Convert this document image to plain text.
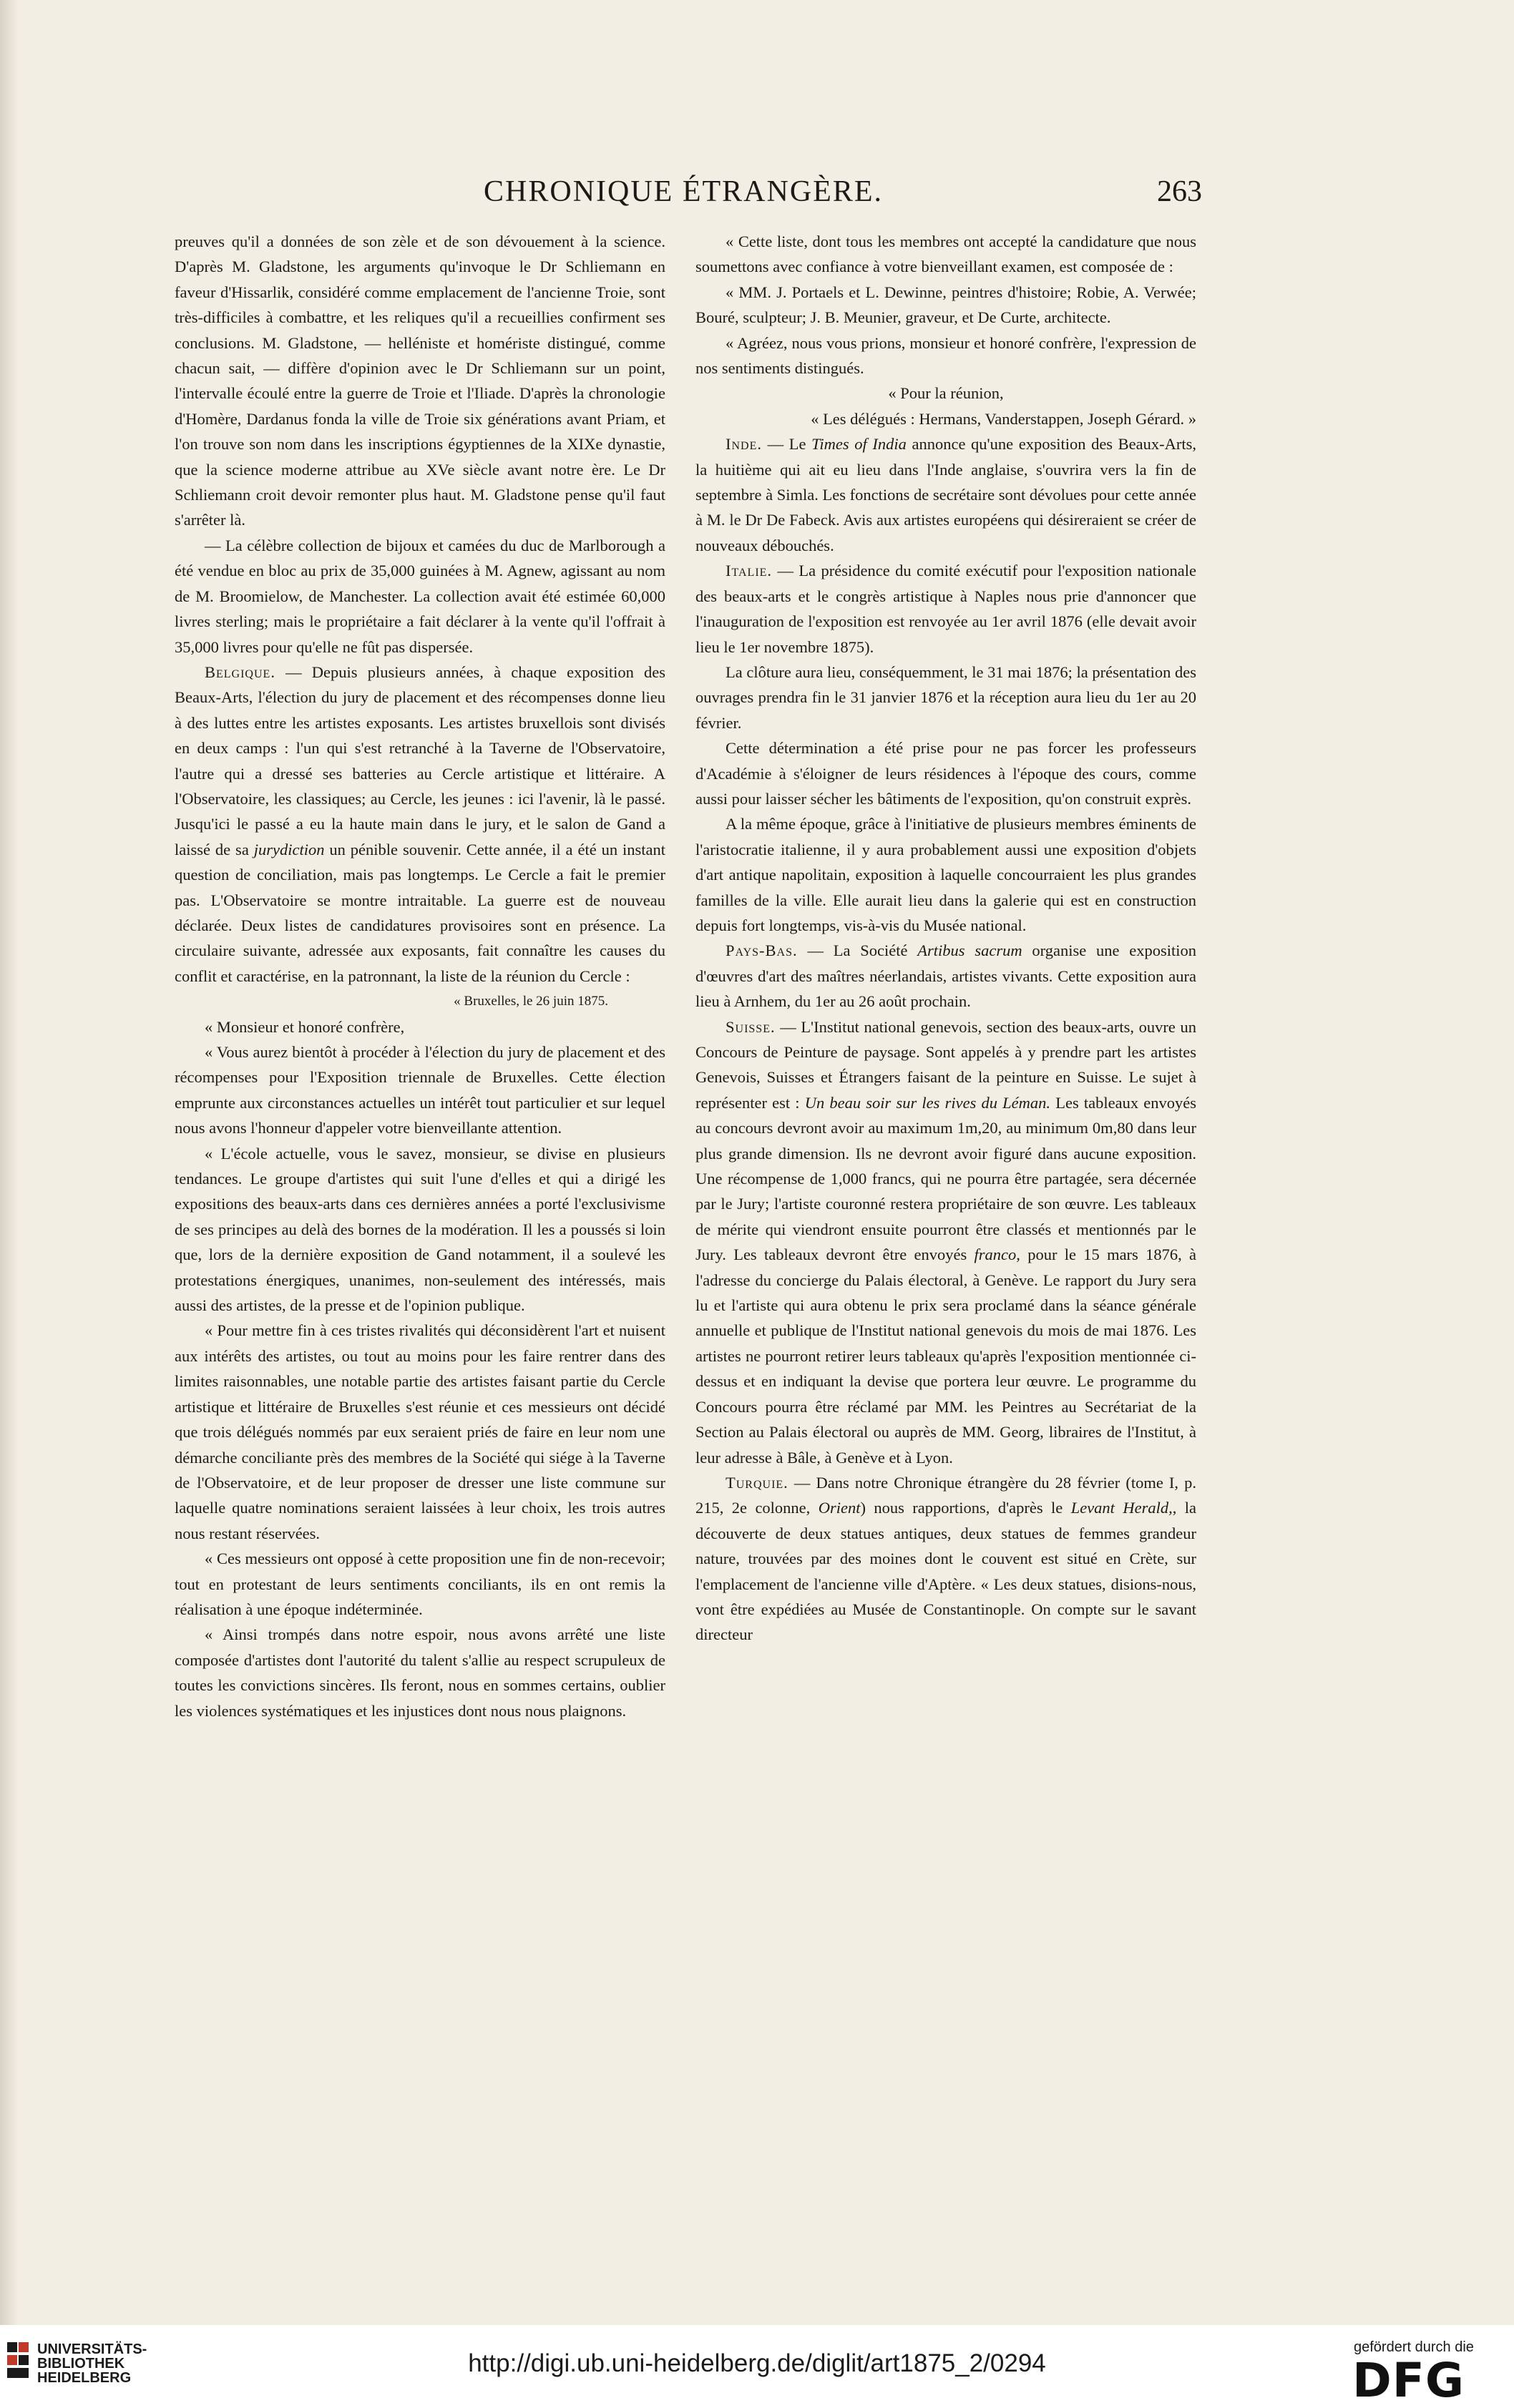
CHRONIQUE ÉTRANGÈRE.	263

preuves qu'il a données de son zèle et de son dévouement à la science. D'après M. Gladstone, les arguments qu'invoque le Dr Schliemann en faveur d'Hissarlik, considéré comme emplacement de l'ancienne Troie, sont très-difficiles à combattre, et les reliques qu'il a recueillies confirment ses conclusions. M. Gladstone, — helléniste et homériste distingué, comme chacun sait, — diffère d'opinion avec le Dr Schliemann sur un point, l'intervalle écoulé entre la guerre de Troie et l'Iliade. D'après la chronologie d'Homère, Dardanus fonda la ville de Troie six générations avant Priam, et l'on trouve son nom dans les inscriptions égyptiennes de la XIXe dynastie, que la science moderne attribue au XVe siècle avant notre ère. Le Dr Schliemann croit devoir remonter plus haut. M. Gladstone pense qu'il faut s'arrêter là.

— La célèbre collection de bijoux et camées du duc de Marlborough a été vendue en bloc au prix de 35,000 guinées à M. Agnew, agissant au nom de M. Broomielow, de Manchester. La collection avait été estimée 60,000 livres sterling; mais le propriétaire a fait déclarer à la vente qu'il l'offrait à 35,000 livres pour qu'elle ne fût pas dispersée.

Belgique. — Depuis plusieurs années, à chaque exposition des Beaux-Arts, l'élection du jury de placement et des récompenses donne lieu à des luttes entre les artistes exposants. Les artistes bruxellois sont divisés en deux camps : l'un qui s'est retranché à la Taverne de l'Observatoire, l'autre qui a dressé ses batteries au Cercle artistique et littéraire. A l'Observatoire, les classiques; au Cercle, les jeunes : ici l'avenir, là le passé. Jusqu'ici le passé a eu la haute main dans le jury, et le salon de Gand a laissé de sa jurydiction un pénible souvenir. Cette année, il a été un instant question de conciliation, mais pas longtemps. Le Cercle a fait le premier pas. L'Observatoire se montre intraitable. La guerre est de nouveau déclarée. Deux listes de candidatures provisoires sont en présence. La circulaire suivante, adressée aux exposants, fait connaître les causes du conflit et caractérise, en la patronnant, la liste de la réunion du Cercle :

« Bruxelles, le 26 juin 1875.

« Monsieur et honoré confrère,

« Vous aurez bientôt à procéder à l'élection du jury de placement et des récompenses pour l'Exposition triennale de Bruxelles. Cette élection emprunte aux circonstances actuelles un intérêt tout particulier et sur lequel nous avons l'honneur d'appeler votre bienveillante attention.

« L'école actuelle, vous le savez, monsieur, se divise en plusieurs tendances. Le groupe d'artistes qui suit l'une d'elles et qui a dirigé les expositions des beaux-arts dans ces dernières années a porté l'exclusivisme de ses principes au delà des bornes de la modération. Il les a poussés si loin que, lors de la dernière exposition de Gand notamment, il a soulevé les protestations énergiques, unanimes, non-seulement des intéressés, mais aussi des artistes, de la presse et de l'opinion publique.

« Pour mettre fin à ces tristes rivalités qui déconsidèrent l'art et nuisent aux intérêts des artistes, ou tout au moins pour les faire rentrer dans des limites raisonnables, une notable partie des artistes faisant partie du Cercle artistique et littéraire de Bruxelles s'est réunie et ces messieurs ont décidé que trois délégués nommés par eux seraient priés de faire en leur nom une démarche conciliante près des membres de la Société qui siége à la Taverne de l'Observatoire, et de leur proposer de dresser une liste commune sur laquelle quatre nominations seraient laissées à leur choix, les trois autres nous restant réservées.

« Ces messieurs ont opposé à cette proposition une fin de non-recevoir; tout en protestant de leurs sentiments conciliants, ils en ont remis la réalisation à une époque indéterminée.

« Ainsi trompés dans notre espoir, nous avons arrêté une liste composée d'artistes dont l'autorité du talent s'allie au respect scrupuleux de toutes les convictions sincères. Ils feront, nous en sommes certains, oublier les violences systématiques et les injustices dont nous nous plaignons.

« Cette liste, dont tous les membres ont accepté la candidature que nous soumettons avec confiance à votre bienveillant examen, est composée de :

« MM. J. Portaels et L. Dewinne, peintres d'histoire; Robie, A. Verwée; Bouré, sculpteur; J. B. Meunier, graveur, et De Curte, architecte.

« Agréez, nous vous prions, monsieur et honoré confrère, l'expression de nos sentiments distingués.

« Pour la réunion,

« Les délégués : Hermans, Vanderstappen, Joseph Gérard. »

Inde. — Le Times of India annonce qu'une exposition des Beaux-Arts, la huitième qui ait eu lieu dans l'Inde anglaise, s'ouvrira vers la fin de septembre à Simla. Les fonctions de secrétaire sont dévolues pour cette année à M. le Dr De Fabeck. Avis aux artistes européens qui désireraient se créer de nouveaux débouchés.

Italie. — La présidence du comité exécutif pour l'exposition nationale des beaux-arts et le congrès artistique à Naples nous prie d'annoncer que l'inauguration de l'exposition est renvoyée au 1er avril 1876 (elle devait avoir lieu le 1er novembre 1875).

La clôture aura lieu, conséquemment, le 31 mai 1876; la présentation des ouvrages prendra fin le 31 janvier 1876 et la réception aura lieu du 1er au 20 février.

Cette détermination a été prise pour ne pas forcer les professeurs d'Académie à s'éloigner de leurs résidences à l'époque des cours, comme aussi pour laisser sécher les bâtiments de l'exposition, qu'on construit exprès.

A la même époque, grâce à l'initiative de plusieurs membres éminents de l'aristocratie italienne, il y aura probablement aussi une exposition d'objets d'art antique napolitain, exposition à laquelle concourraient les plus grandes familles de la ville. Elle aurait lieu dans la galerie qui est en construction depuis fort longtemps, vis-à-vis du Musée national.

Pays-Bas. — La Société Artibus sacrum organise une exposition d'œuvres d'art des maîtres néerlandais, artistes vivants. Cette exposition aura lieu à Arnhem, du 1er au 26 août prochain.

Suisse. — L'Institut national genevois, section des beaux-arts, ouvre un Concours de Peinture de paysage. Sont appelés à y prendre part les artistes Genevois, Suisses et Étrangers faisant de la peinture en Suisse. Le sujet à représenter est : Un beau soir sur les rives du Léman. Les tableaux envoyés au concours devront avoir au maximum 1m,20, au minimum 0m,80 dans leur plus grande dimension. Ils ne devront avoir figuré dans aucune exposition. Une récompense de 1,000 francs, qui ne pourra être partagée, sera décernée par le Jury; l'artiste couronné restera propriétaire de son œuvre. Les tableaux de mérite qui viendront ensuite pourront être classés et mentionnés par le Jury. Les tableaux devront être envoyés franco, pour le 15 mars 1876, à l'adresse du concierge du Palais électoral, à Genève. Le rapport du Jury sera lu et l'artiste qui aura obtenu le prix sera proclamé dans la séance générale annuelle et publique de l'Institut national genevois du mois de mai 1876. Les artistes ne pourront retirer leurs tableaux qu'après l'exposition mentionnée ci-dessus et en indiquant la devise que portera leur œuvre. Le programme du Concours pourra être réclamé par MM. les Peintres au Secrétariat de la Section au Palais électoral ou auprès de MM. Georg, libraires de l'Institut, à leur adresse à Bâle, à Genève et à Lyon.

Turquie. — Dans notre Chronique étrangère du 28 février (tome I, p. 215, 2e colonne, Orient) nous rapportions, d'après le Levant Herald,, la découverte de deux statues antiques, deux statues de femmes grandeur nature, trouvées par des moines dont le couvent est situé en Crète, sur l'emplacement de l'ancienne ville d'Aptère. « Les deux statues, disions-nous, vont être expédiées au Musée de Constantinople. On compte sur le savant directeur

UNIVERSITÄTS-
BIBLIOTHEK
HEIDELBERG
http://digi.ub.uni-heidelberg.de/diglit/art1875_2/0294
gefördert durch die
DFG
